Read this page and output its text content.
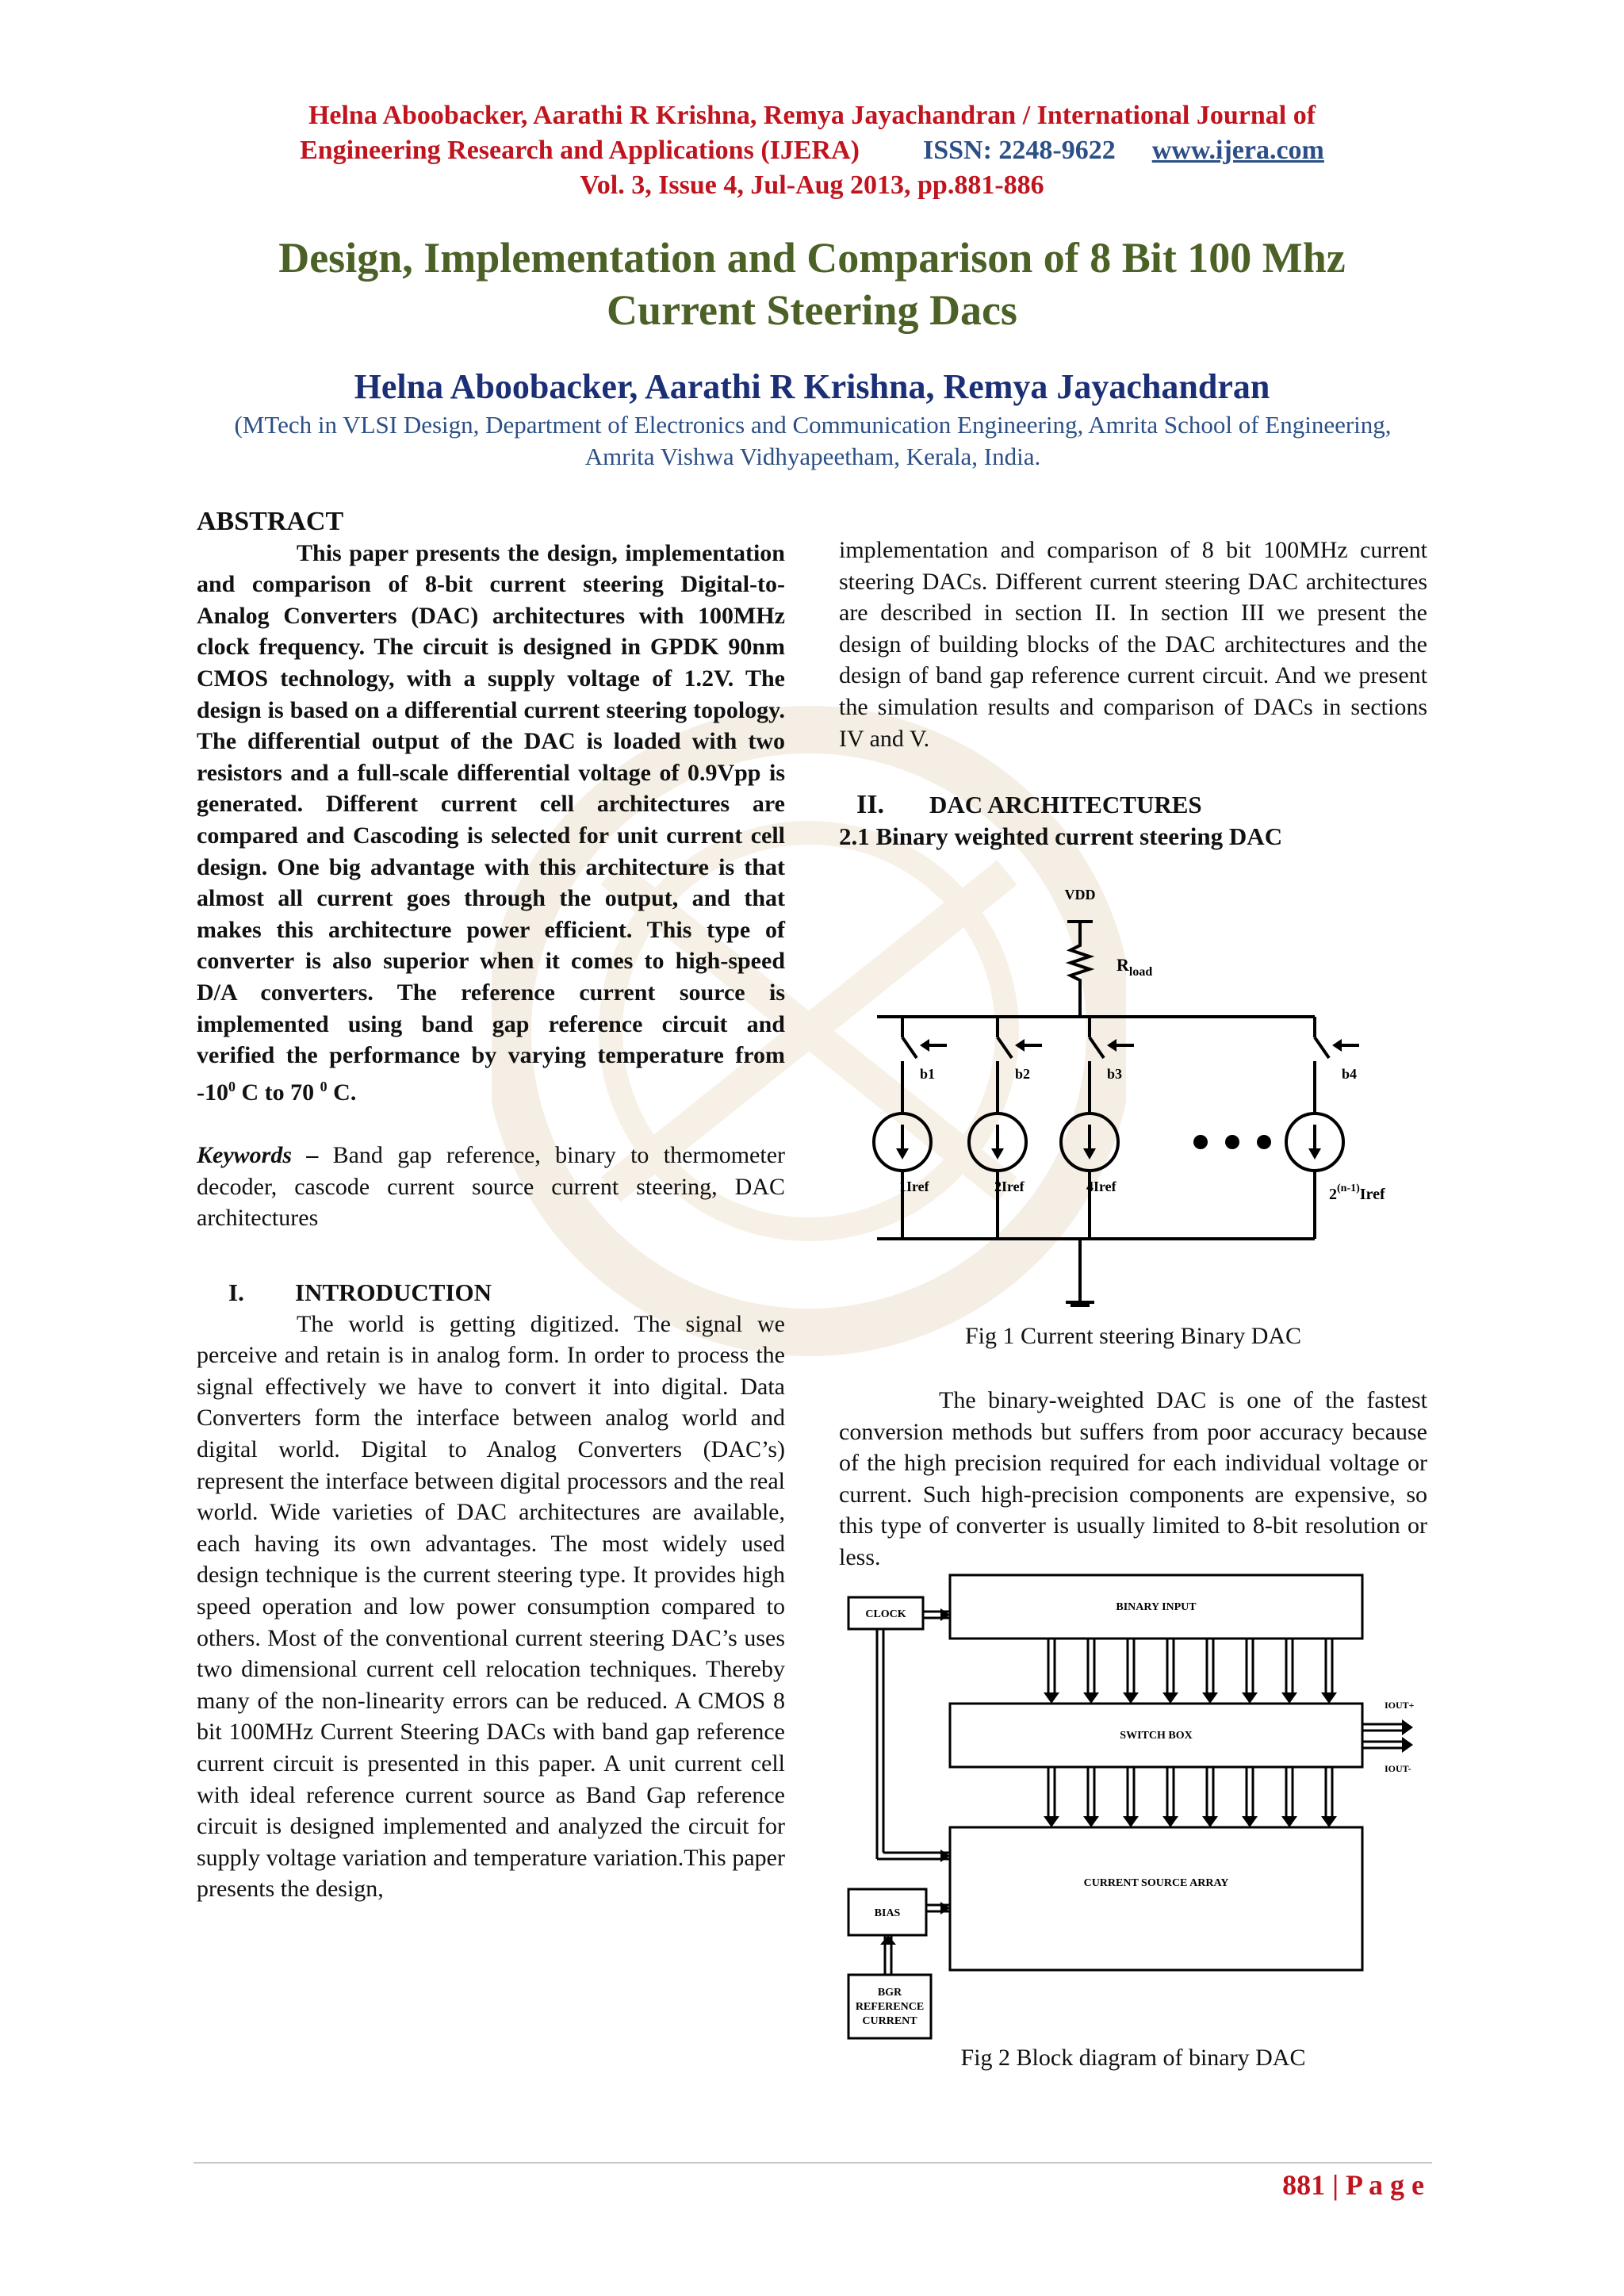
Helna Aboobacker, Aarathi R Krishna, Remya Jayachandran / International Journal of
Engineering Research and Applications (IJERA) ISSN: 2248-9622 www.ijera.com
Vol. 3, Issue 4, Jul-Aug 2013, pp.881-886
Design, Implementation and Comparison of 8 Bit 100 Mhz
Current Steering Dacs
Helna Aboobacker, Aarathi R Krishna, Remya Jayachandran
(MTech in VLSI Design, Department of Electronics and Communication Engineering, Amrita School of Engineering, Amrita Vishwa Vidhyapeetham, Kerala, India.
ABSTRACT

This paper presents the design, implementation and comparison of 8-bit current steering Digital-to-Analog Converters (DAC) architectures with 100MHz clock frequency. The circuit is designed in GPDK 90nm CMOS technology, with a supply voltage of 1.2V. The design is based on a differential current steering topology. The differential output of the DAC is loaded with two resistors and a full-scale differential voltage of 0.9Vpp is generated. Different current cell architectures are compared and Cascoding is selected for unit current cell design. One big advantage with this architecture is that almost all current goes through the output, and that makes this architecture power efficient. This type of converter is also superior when it comes to high-speed D/A converters. The reference current source is implemented using band gap reference circuit and verified the performance by varying temperature from $-10^0$ C to 70 $^0$ C.

Keywords – Band gap reference, binary to thermometer decoder, cascode current source current steering, DAC architectures

I. INTRODUCTION

The world is getting digitized. The signal we perceive and retain is in analog form. In order to process the signal effectively we have to convert it into digital. Data Converters form the interface between analog world and digital world. Digital to Analog Converters (DAC’s) represent the interface between digital processors and the real world. Wide varieties of DAC architectures are available, each having its own advantages. The most widely used design technique is the current steering type. It provides high speed operation and low power consumption compared to others. Most of the conventional current steering DAC’s uses two dimensional current cell relocation techniques. Thereby many of the non-linearity errors can be reduced. A CMOS 8 bit 100MHz Current Steering DACs with band gap reference current circuit is presented in this paper. A unit current cell with ideal reference current source as Band Gap reference circuit is designed implemented and analyzed the circuit for supply voltage variation and temperature variation.This paper presents the design,

implementation and comparison of 8 bit 100MHz current steering DACs. Different current steering DAC architectures are described in section II. In section III we present the design of building blocks of the DAC architectures and the design of band gap reference current circuit. And we present the simulation results and comparison of DACs in sections IV and V.

II. DAC ARCHITECTURES
2.1 Binary weighted current steering DAC
VDD
$R_{load}$
b1	b2	b3	b4
1Iref	2Iref	4Iref	2$^{(n-1)}$Iref
Fig 1 Current steering Binary DAC

The binary-weighted DAC is one of the fastest conversion methods but suffers from poor accuracy because of the high precision required for each individual voltage or current. Such high-precision components are expensive, so this type of converter is usually limited to 8-bit resolution or less.

BINARY INPUT
SWITCH BOX
CURRENT SOURCE ARRAY
CLOCK
BIAS
BGR
REFERENCE
CURRENT
IOUT+
IOUT-
Fig 2 Block diagram of binary DAC
881 | P a g e
